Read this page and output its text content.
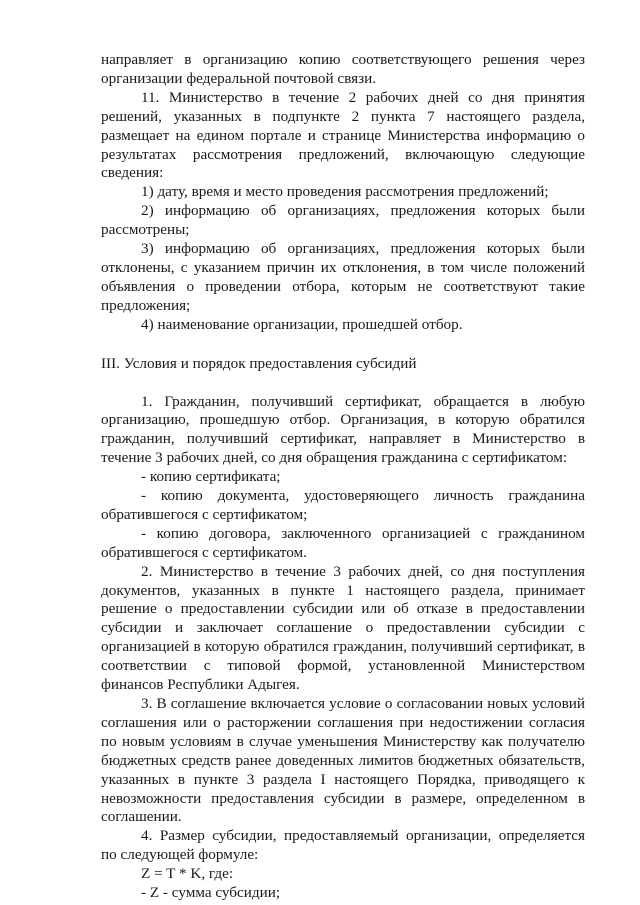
направляет в организацию копию соответствующего решения через организации федеральной почтовой связи.

11. Министерство в течение 2 рабочих дней со дня принятия решений, указанных в подпункте 2 пункта 7 настоящего раздела, размещает на едином портале и странице Министерства информацию о результатах рассмотрения предложений, включающую следующие сведения:

1) дату, время и место проведения рассмотрения предложений;

2) информацию об организациях, предложения которых были рассмотрены;

3) информацию об организациях, предложения которых были отклонены, с указанием причин их отклонения, в том числе положений объявления о проведении отбора, которым не соответствуют такие предложения;

4) наименование организации, прошедшей отбор.

III. Условия и порядок предоставления субсидий

1. Гражданин, получивший сертификат, обращается в любую организацию, прошедшую отбор. Организация, в которую обратился гражданин, получивший сертификат, направляет в Министерство в течение 3 рабочих дней, со дня обращения гражданина с сертификатом:

- копию сертификата;

- копию документа, удостоверяющего личность гражданина обратившегося с сертификатом;

- копию договора, заключенного организацией с гражданином обратившегося с сертификатом.

2. Министерство в течение 3 рабочих дней, со дня поступления документов, указанных в пункте 1 настоящего раздела, принимает решение о предоставлении субсидии или об отказе в предоставлении субсидии и заключает соглашение о предоставлении субсидии с организацией в которую обратился гражданин, получивший сертификат, в соответствии с типовой формой, установленной Министерством финансов Республики Адыгея.

3. В соглашение включается условие о согласовании новых условий соглашения или о расторжении соглашения при недостижении согласия по новым условиям в случае уменьшения Министерству как получателю бюджетных средств ранее доведенных лимитов бюджетных обязательств, указанных в пункте 3 раздела I настоящего Порядка, приводящего к невозможности предоставления субсидии в размере, определенном в соглашении.

4. Размер субсидии, предоставляемый организации, определяется по следующей формуле:

Z = T * K, где:

- Z - сумма субсидии;
